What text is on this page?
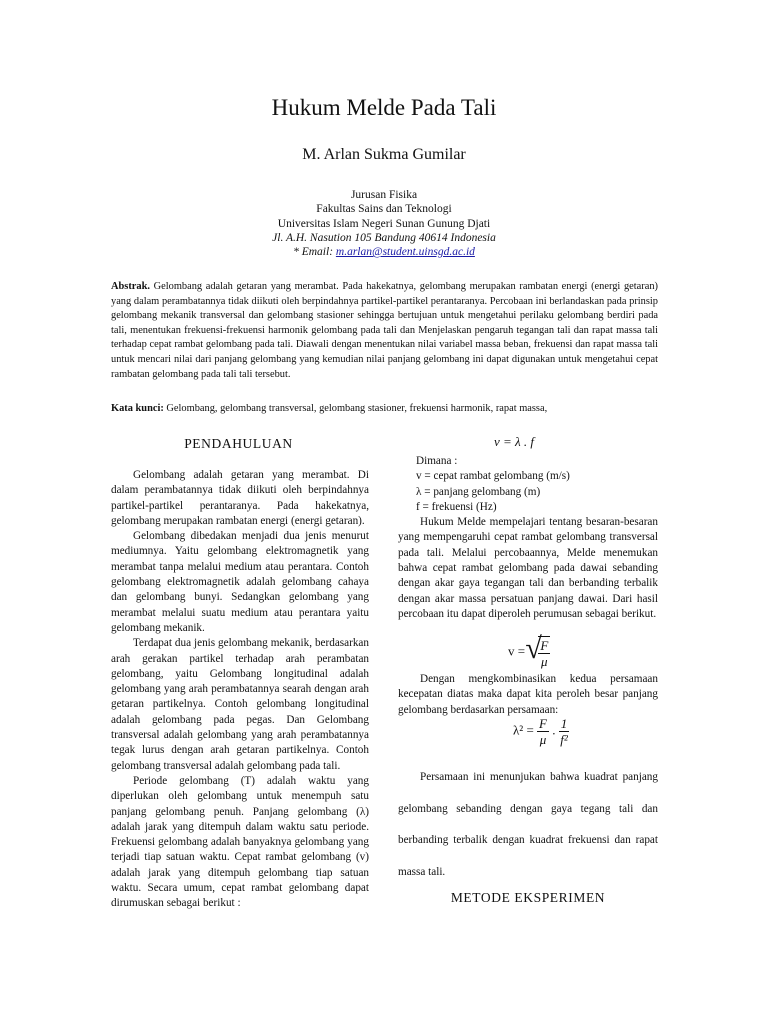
Hukum Melde Pada Tali
M. Arlan Sukma Gumilar
Jurusan Fisika
Fakultas Sains dan Teknologi
Universitas Islam Negeri Sunan Gunung Djati
Jl. A.H. Nasution 105 Bandung 40614 Indonesia
* Email: m.arlan@student.uinsgd.ac.id
Abstrak. Gelombang adalah getaran yang merambat. Pada hakekatnya, gelombang merupakan rambatan energi (energi getaran) yang dalam perambatannya tidak diikuti oleh berpindahnya partikel-partikel perantaranya. Percobaan ini berlandaskan pada prinsip gelombang mekanik transversal dan gelombang stasioner sehingga bertujuan untuk mengetahui perilaku gelombang berdiri pada tali, menentukan frekuensi-frekuensi harmonik gelombang pada tali dan Menjelaskan pengaruh tegangan tali dan rapat massa tali terhadap cepat rambat gelombang pada tali. Diawali dengan menentukan nilai variabel massa beban, frekuensi dan rapat massa tali untuk mencari nilai dari panjang gelombang yang kemudian nilai panjang gelombang ini dapat digunakan untuk mengetahui cepat rambatan gelombang pada tali tali tersebut.
Kata kunci: Gelombang, gelombang transversal, gelombang stasioner, frekuensi harmonik, rapat massa,
PENDAHULUAN

Gelombang adalah getaran yang merambat. Di dalam perambatannya tidak diikuti oleh berpindahnya partikel-partikel perantaranya. Pada hakekatnya, gelombang merupakan rambatan energi (energi getaran).

Gelombang dibedakan menjadi dua jenis menurut mediumnya. Yaitu gelombang elektromagnetik yang merambat tanpa melalui medium atau perantara. Contoh gelombang elektromagnetik adalah gelombang cahaya dan gelombang bunyi. Sedangkan gelombang yang merambat melalui suatu medium atau perantara yaitu gelombang mekanik.

Terdapat dua jenis gelombang mekanik, berdasarkan arah gerakan partikel terhadap arah perambatan gelombang, yaitu Gelombang longitudinal adalah gelombang yang arah perambatannya searah dengan arah getaran partikelnya. Contoh gelombang longitudinal adalah gelombang pada pegas. Dan Gelombang transversal adalah gelombang yang arah perambatannya tegak lurus dengan arah getaran partikelnya. Contoh gelombang transversal adalah gelombang pada tali.

Periode gelombang (T) adalah waktu yang diperlukan oleh gelombang untuk menempuh satu panjang gelombang penuh. Panjang gelombang (λ) adalah jarak yang ditempuh dalam waktu satu periode. Frekuensi gelombang adalah banyaknya gelombang yang terjadi tiap satuan waktu. Cepat rambat gelombang (v) adalah jarak yang ditempuh gelombang tiap satuan waktu. Secara umum, cepat rambat gelombang dapat dirumuskan sebagai berikut :

v = λ . f

Dimana :

v = cepat rambat gelombang (m/s)

λ = panjang gelombang (m)

f = frekuensi (Hz)

Hukum Melde mempelajari tentang besaran-besaran yang mempengaruhi cepat rambat gelombang transversal pada tali. Melalui percobaannya, Melde menemukan bahwa cepat rambat gelombang pada dawai sebanding dengan akar gaya tegangan tali dan berbanding terbalik dengan akar massa persatuan panjang dawai. Dari hasil percobaan itu dapat diperoleh perumusan sebagai berikut.

v =
√ $\frac{F}{\mu}$

Dengan mengkombinasikan kedua persamaan kecepatan diatas maka dapat kita peroleh besar panjang gelombang berdasarkan persamaan:

$\lambda^2 = \frac{F}{\mu}$ . $\frac{1}{\text{f²}}$

Persamaan ini menunjukan bahwa kuadrat panjang gelombang sebanding dengan gaya tegang tali dan berbanding terbalik dengan kuadrat frekuensi dan rapat massa tali.

METODE EKSPERIMEN
